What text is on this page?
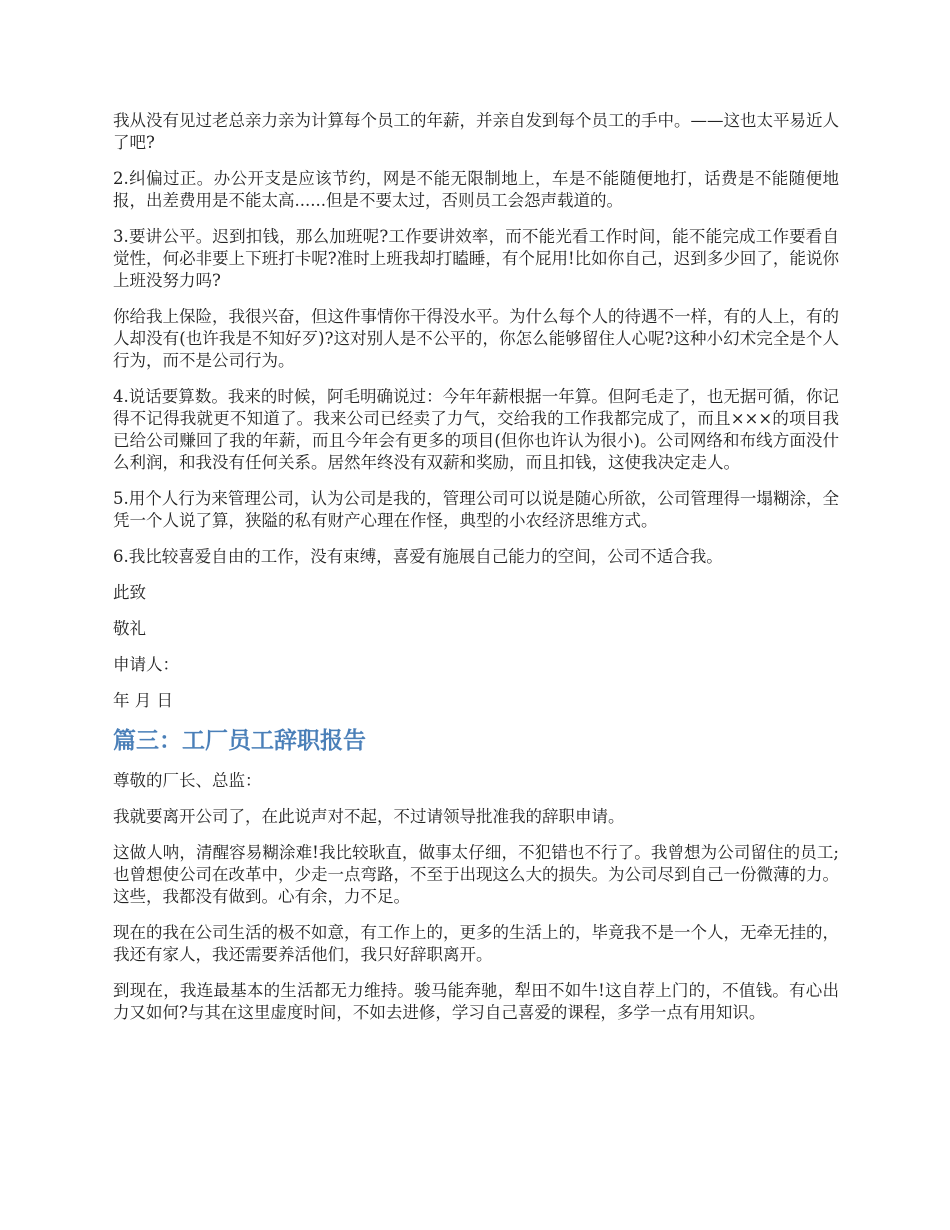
我从没有见过老总亲力亲为计算每个员工的年薪，并亲自发到每个员工的手中。——这也太平易近人了吧?

2.纠偏过正。办公开支是应该节约，网是不能无限制地上，车是不能随便地打，话费是不能随便地报，出差费用是不能太高......但是不要太过，否则员工会怨声载道的。

3.要讲公平。迟到扣钱，那么加班呢?工作要讲效率，而不能光看工作时间，能不能完成工作要看自觉性，何必非要上下班打卡呢?准时上班我却打瞌睡，有个屁用!比如你自己，迟到多少回了，能说你上班没努力吗?

你给我上保险，我很兴奋，但这件事情你干得没水平。为什么每个人的待遇不一样，有的人上，有的人却没有(也许我是不知好歹)?这对别人是不公平的，你怎么能够留住人心呢?这种小幻术完全是个人行为，而不是公司行为。

4.说话要算数。我来的时候，阿毛明确说过：今年年薪根据一年算。但阿毛走了，也无据可循，你记得不记得我就更不知道了。我来公司已经卖了力气，交给我的工作我都完成了，而且×××的项目我已给公司赚回了我的年薪，而且今年会有更多的项目(但你也许认为很小)。公司网络和布线方面没什么利润，和我没有任何关系。居然年终没有双薪和奖励，而且扣钱，这使我决定走人。

5.用个人行为来管理公司，认为公司是我的，管理公司可以说是随心所欲，公司管理得一塌糊涂，全凭一个人说了算，狭隘的私有财产心理在作怪，典型的小农经济思维方式。

6.我比较喜爱自由的工作，没有束缚，喜爱有施展自己能力的空间，公司不适合我。

此致

敬礼

申请人：

年 月 日

篇三：工厂员工辞职报告

尊敬的厂长、总监：

我就要离开公司了，在此说声对不起，不过请领导批准我的辞职申请。

这做人呐，清醒容易糊涂难!我比较耿直，做事太仔细，不犯错也不行了。我曾想为公司留住的员工;也曾想使公司在改革中，少走一点弯路，不至于出现这么大的损失。为公司尽到自己一份微薄的力。这些，我都没有做到。心有余，力不足。

现在的我在公司生活的极不如意，有工作上的，更多的生活上的，毕竟我不是一个人，无牵无挂的，我还有家人，我还需要养活他们，我只好辞职离开。

到现在，我连最基本的生活都无力维持。骏马能奔驰，犁田不如牛!这自荐上门的，不值钱。有心出力又如何?与其在这里虚度时间，不如去进修，学习自己喜爱的课程，多学一点有用知识。
